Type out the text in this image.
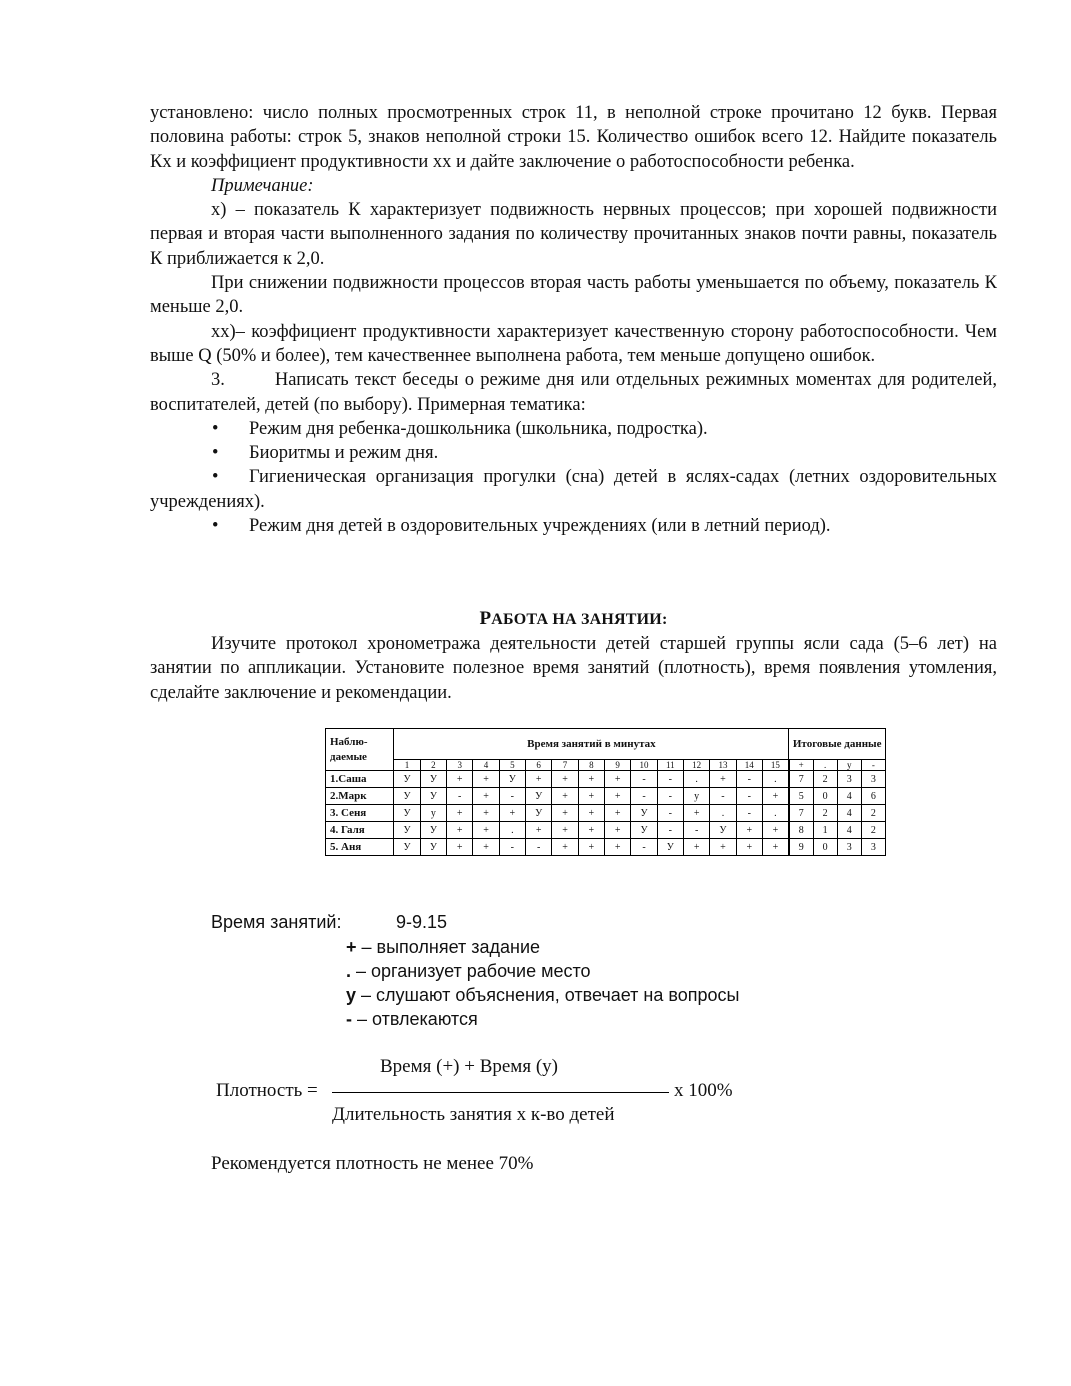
установлено: число полных просмотренных строк 11, в неполной строке прочитано 12 букв. Первая половина работы: строк 5, знаков неполной строки 15. Количество ошибок всего 12. Найдите показатель Кх и коэффициент продуктивности хх и дайте заключение о работоспособности ребенка.

Примечание:

х) – показатель К характеризует подвижность нервных процессов; при хорошей подвижности первая и вторая части выполненного задания по количеству прочитанных знаков почти равны, показатель К приближается к 2,0.

При снижении подвижности процессов вторая часть работы уменьшается по объему, показатель К меньше 2,0.

хх)– коэффициент продуктивности характеризует качественную сторону работоспособности. Чем выше Q (50% и более), тем качественнее выполнена работа, тем меньше допущено ошибок.

3.        Написать текст беседы о режиме дня или отдельных режимных моментах для родителей, воспитателей, детей (по выбору). Примерная тематика:

• Режим дня ребенка-дошкольника (школьника, подростка).
• Биоритмы и режим дня.
• Гигиеническая организация прогулки (сна) детей в яслях-садах (летних оздоровительных учреждениях).
• Режим дня детей в оздоровительных учреждениях (или в летний период).
РАБОТА НА ЗАНЯТИИ:

Изучите протокол хронометража деятельности детей старшей группы ясли сада (5–6 лет) на занятии по аппликации. Установите полезное время занятий (плотность), время появления утомления, сделайте заключение и рекомендации.

Наблю-даемые	Время занятий в минутах															Итоговые данные			
	1	2	3	4	5	6	7	8	9	10	11	12	13	14	15	+	.	у	-
1.Саша	У	У	+	+	У	+	+	+	+	-	-	.	+	-	.	7	2	3	3
2.Марк	У	У	-	+	-	У	+	+	+	-	-	у	-	-	+	5	0	4	6
3. Сеня	У	у	+	+	+	У	+	+	+	У	-	+	.	-	.	7	2	4	2
4. Галя	У	У	+	+	.	+	+	+	+	У	-	-	У	+	+	8	1	4	2
5. Аня	У	У	+	+	-	-	+	+	+	-	У	+	+	+	+	9	0	3	3
Время занятий:	9-9.15
+ – выполняет задание
. – организует рабочие место
у – слушают объяснения, отвечает на вопросы
- – отвлекаются
Время (+) + Время (у)
Плотность =	х 100%
Длительность занятия х к-во детей
Рекомендуется плотность не менее 70%
